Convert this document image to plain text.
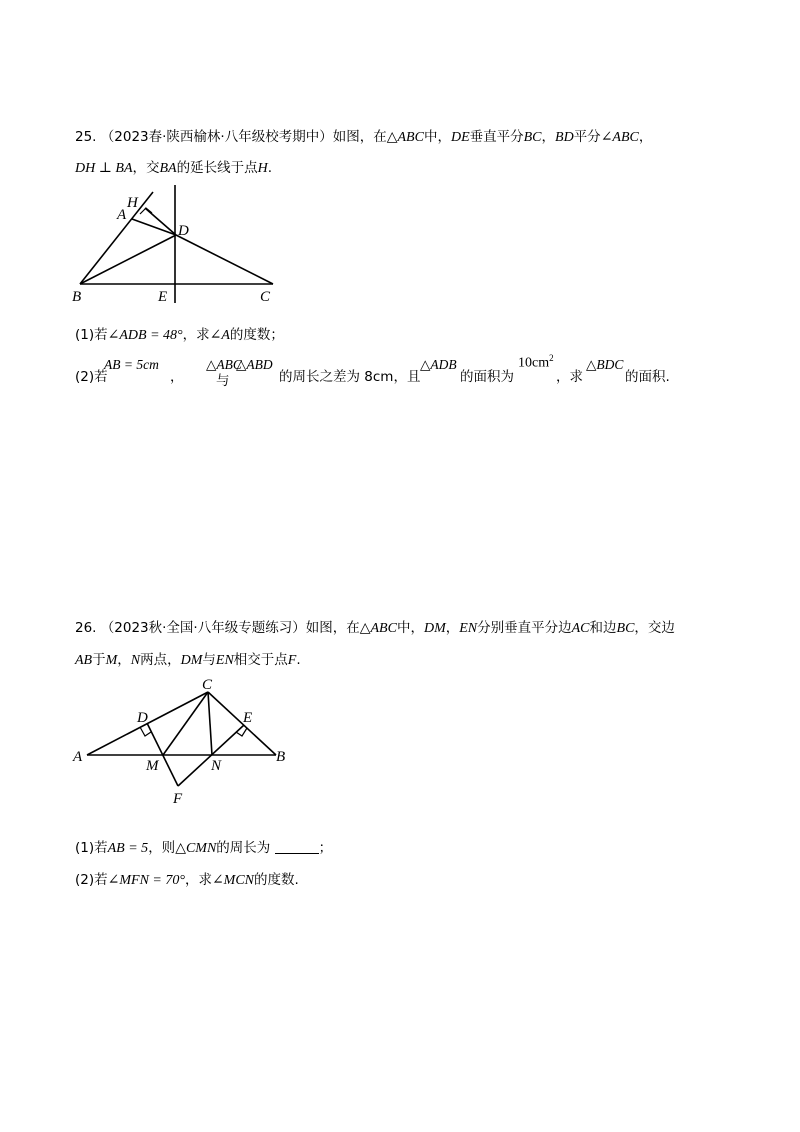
25. （2023春·陕西榆林·八年级校考期中）如图，在△ABC中，DE垂直平分BC，BD平分∠ABC，
DH ⊥ BA，交BA的延长线于点H.
H
A
D
B	E	C
(1)若∠ADB = 48°，求∠A的度数；
(2)若
AB = 5cm
，
△ABC
与
△ABD
的周长之差为 8cm，且
△ADB
的面积为
$10cm^2$
，求
△BDC
的面积.
26. （2023秋·全国·八年级专题练习）如图，在△ABC中，DM，EN分别垂直平分边AC和边BC，交边
AB于M，N两点，DM与EN相交于点F.
C
D	E
A
M	N
B
F
(1)若AB = 5，则△CMN的周长为	；
(2)若∠MFN = 70°，求∠MCN的度数.
